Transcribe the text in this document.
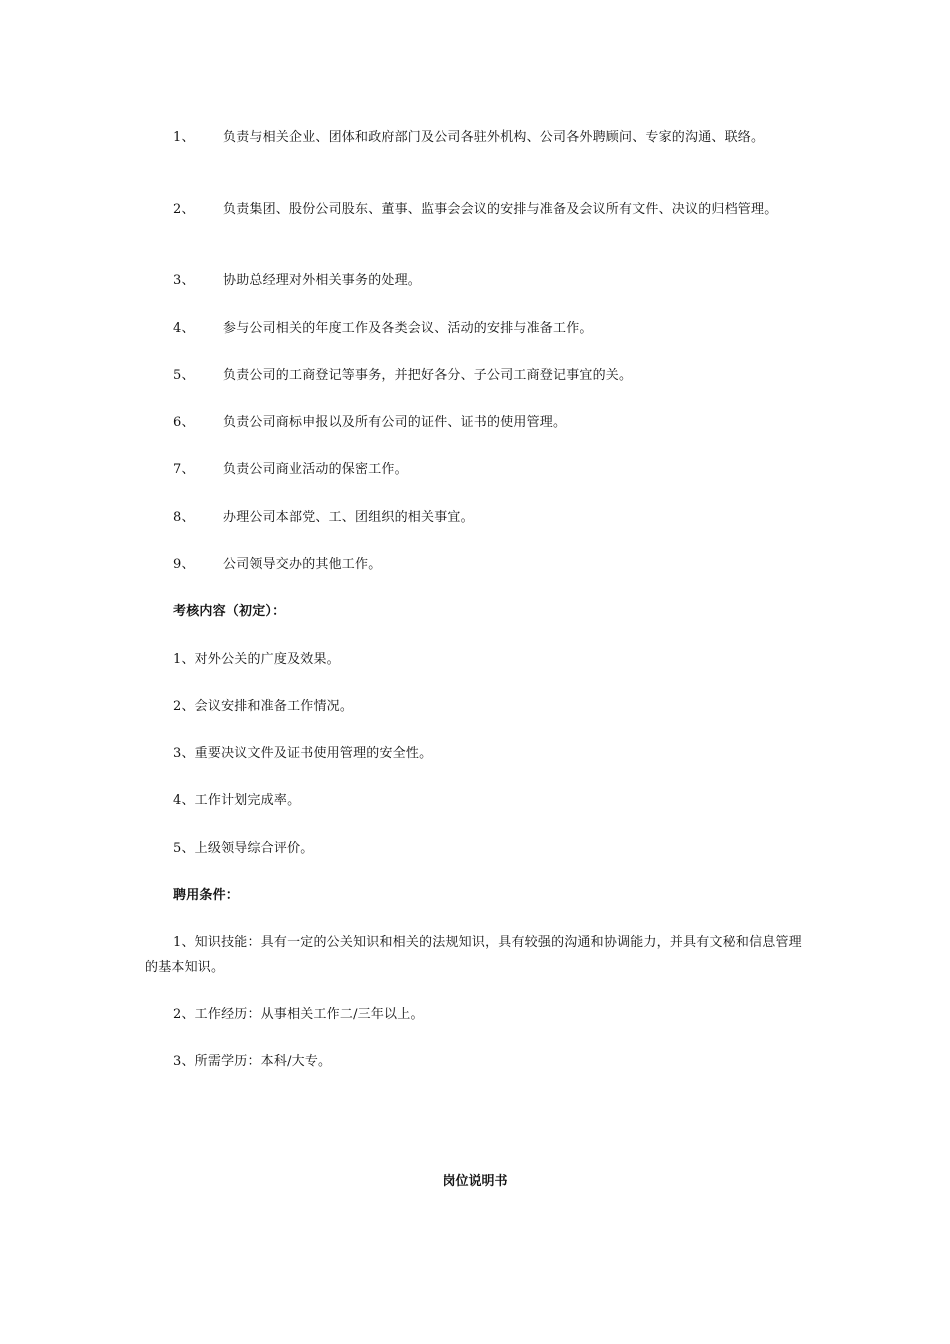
1、 负责与相关企业、团体和政府部门及公司各驻外机构、公司各外聘顾问、专家的沟通、联络。
2、 负责集团、股份公司股东、董事、监事会会议的安排与准备及会议所有文件、决议的归档管理。
3、 协助总经理对外相关事务的处理。
4、 参与公司相关的年度工作及各类会议、活动的安排与准备工作。
5、 负责公司的工商登记等事务，并把好各分、子公司工商登记事宜的关。
6、 负责公司商标申报以及所有公司的证件、证书的使用管理。
7、 负责公司商业活动的保密工作。
8、 办理公司本部党、工、团组织的相关事宜。
9、 公司领导交办的其他工作。
考核内容（初定）：
1、对外公关的广度及效果。
2、会议安排和准备工作情况。
3、重要决议文件及证书使用管理的安全性。
4、工作计划完成率。
5、上级领导综合评价。
聘用条件：
1、知识技能：具有一定的公关知识和相关的法规知识，具有较强的沟通和协调能力，并具有文秘和信息管理的基本知识。
2、工作经历：从事相关工作二/三年以上。
3、所需学历：本科/大专。
岗位说明书
